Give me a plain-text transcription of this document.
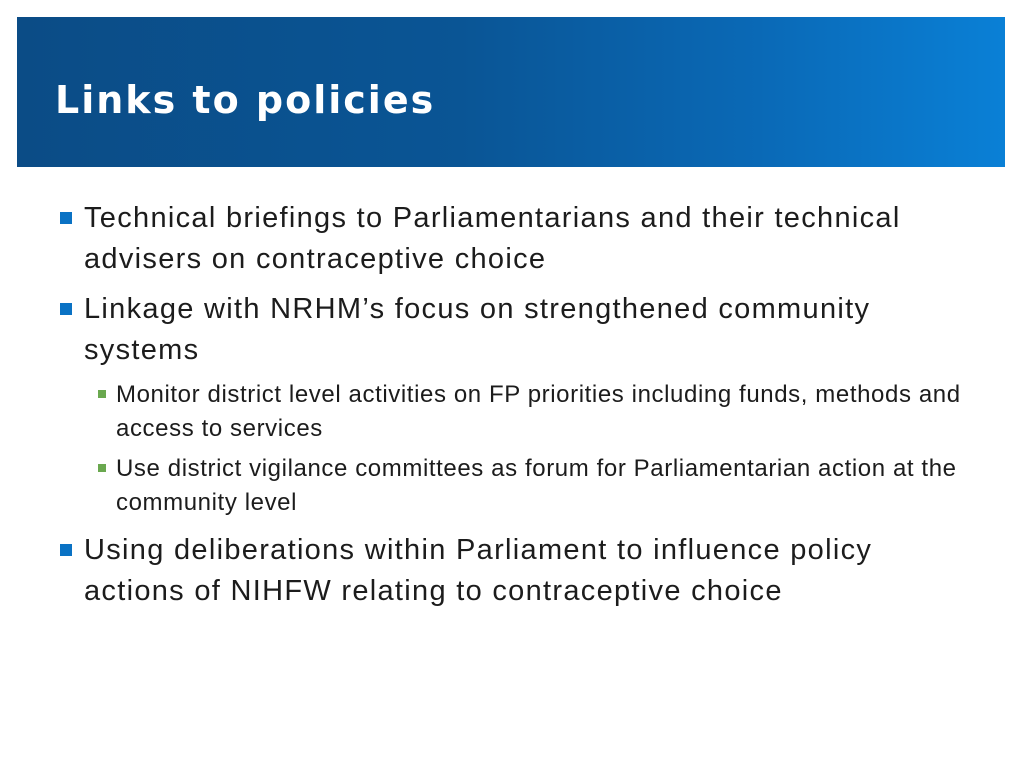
Links to policies
Technical briefings to Parliamentarians and their technical advisers on contraceptive choice
Linkage with NRHM’s focus on strengthened community systems
Monitor district level activities on FP priorities including funds, methods and access to services
Use district vigilance committees as forum for Parliamentarian action at the community level
Using deliberations within Parliament to influence policy actions of NIHFW relating to contraceptive choice
